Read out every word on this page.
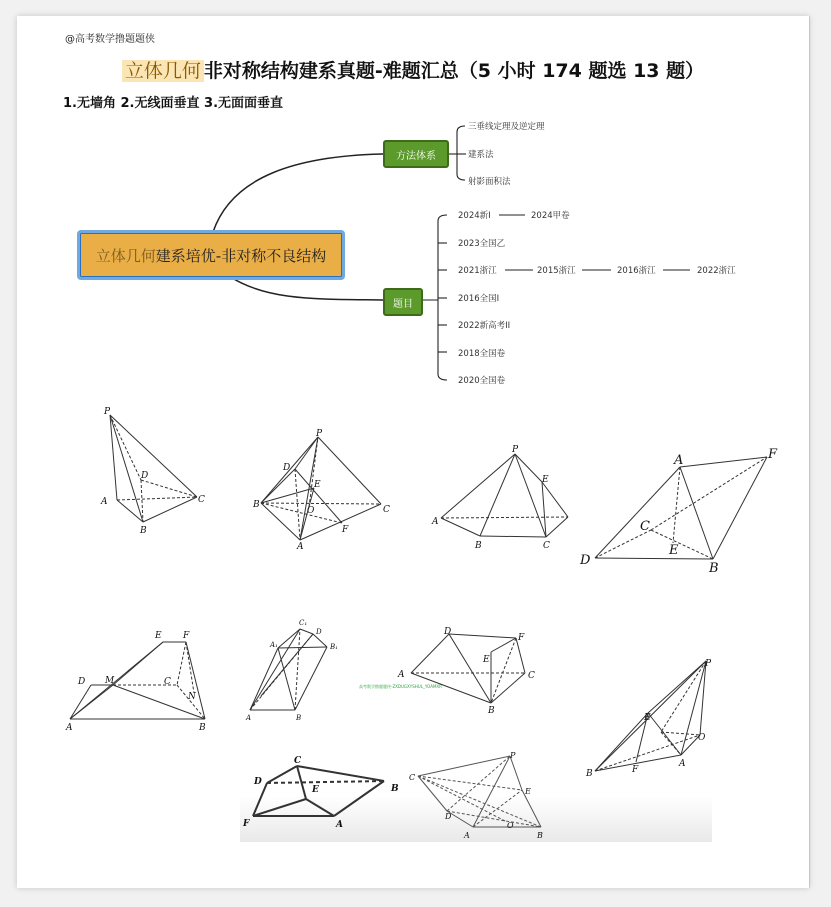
@高考数学撸题题侠
立体几何 非对称结构建系真题-难题汇总（5 小时 174 题选 13 题）
1.无墙角 2.无线面垂直 3.无面面垂直
立体几何 建系培优-非对称不良结构
方法体系
题目
三垂线定理及逆定理
建系法
射影面积法
2024新I	2024甲卷
2023全国乙
2021浙江	2015浙江	2016浙江	2022浙江
2016全国I
2022新高考II
2018全国卷
2020全国卷
高考数学撸题题侠-ZXDUGXYSHUL_YOAMXR
P
D
A	C
B
P
D
E
B
O	C
F
A
P
E
A
B	C
A	F
C
E
D
B
E F
D M	C
N
A	B
C₁
A₁
D
B₁
A	B
D
F
E
A	C
B
P
E
O
B	F
A
C
D
E
F	A
B
P
C
E
D
O
A	B
